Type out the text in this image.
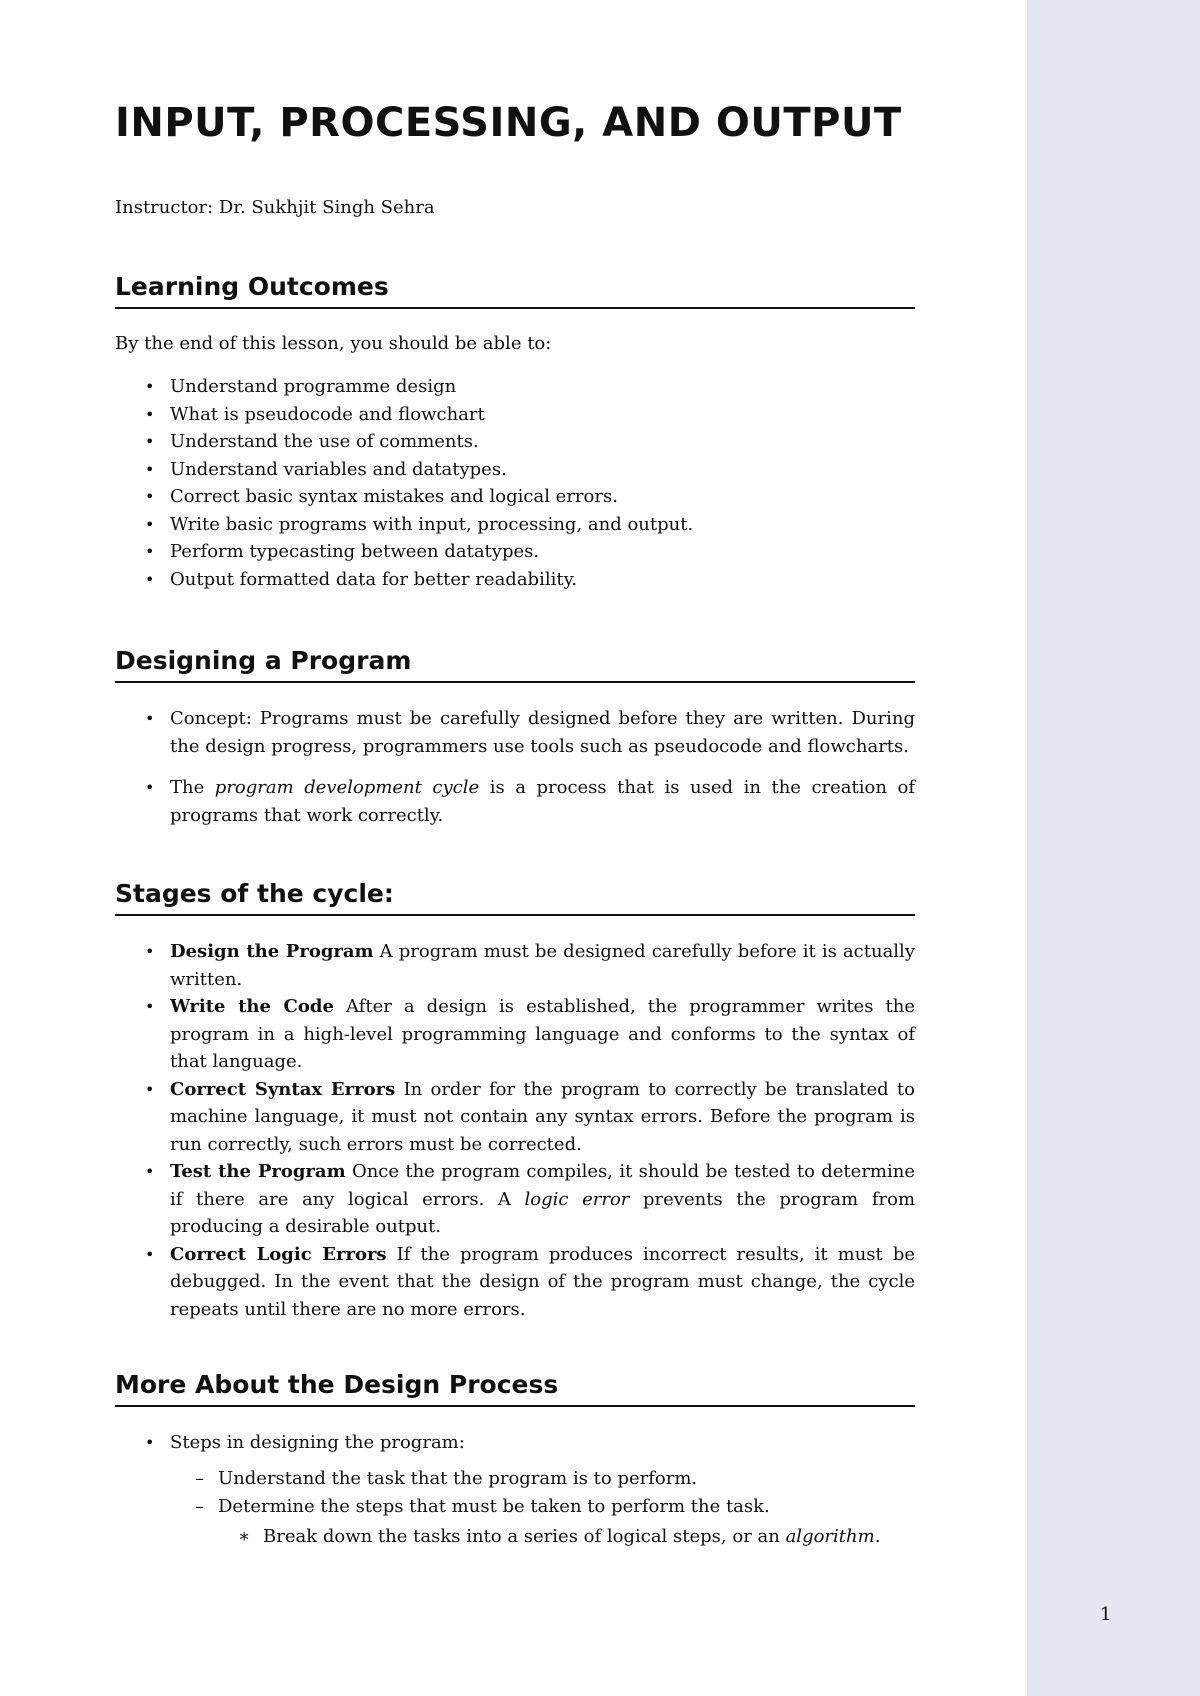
INPUT, PROCESSING, AND OUTPUT
Instructor: Dr. Sukhjit Singh Sehra
Learning Outcomes

By the end of this lesson, you should be able to:

• Understand programme design
• What is pseudocode and flowchart
• Understand the use of comments.
• Understand variables and datatypes.
• Correct basic syntax mistakes and logical errors.
• Write basic programs with input, processing, and output.
• Perform typecasting between datatypes.
• Output formatted data for better readability.
Designing a Program
• Concept: Programs must be carefully designed before they are written. During the design progress, programmers use tools such as pseudocode and flowcharts.
• The program development cycle is a process that is used in the creation of programs that work correctly.
Stages of the cycle:
• Design the Program A program must be designed carefully before it is actually written.
• Write the Code After a design is established, the programmer writes the program in a high-level programming language and conforms to the syntax of that language.
• Correct Syntax Errors In order for the program to correctly be translated to machine language, it must not contain any syntax errors. Before the program is run correctly, such errors must be corrected.
• Test the Program Once the program compiles, it should be tested to determine if there are any logical errors. A logic error prevents the program from producing a desirable output.
• Correct Logic Errors If the program produces incorrect results, it must be debugged. In the event that the design of the program must change, the cycle repeats until there are no more errors.
More About the Design Process
• Steps in designing the program:
– Understand the task that the program is to perform.
– Determine the steps that must be taken to perform the task.
∗ Break down the tasks into a series of logical steps, or an algorithm.
1
